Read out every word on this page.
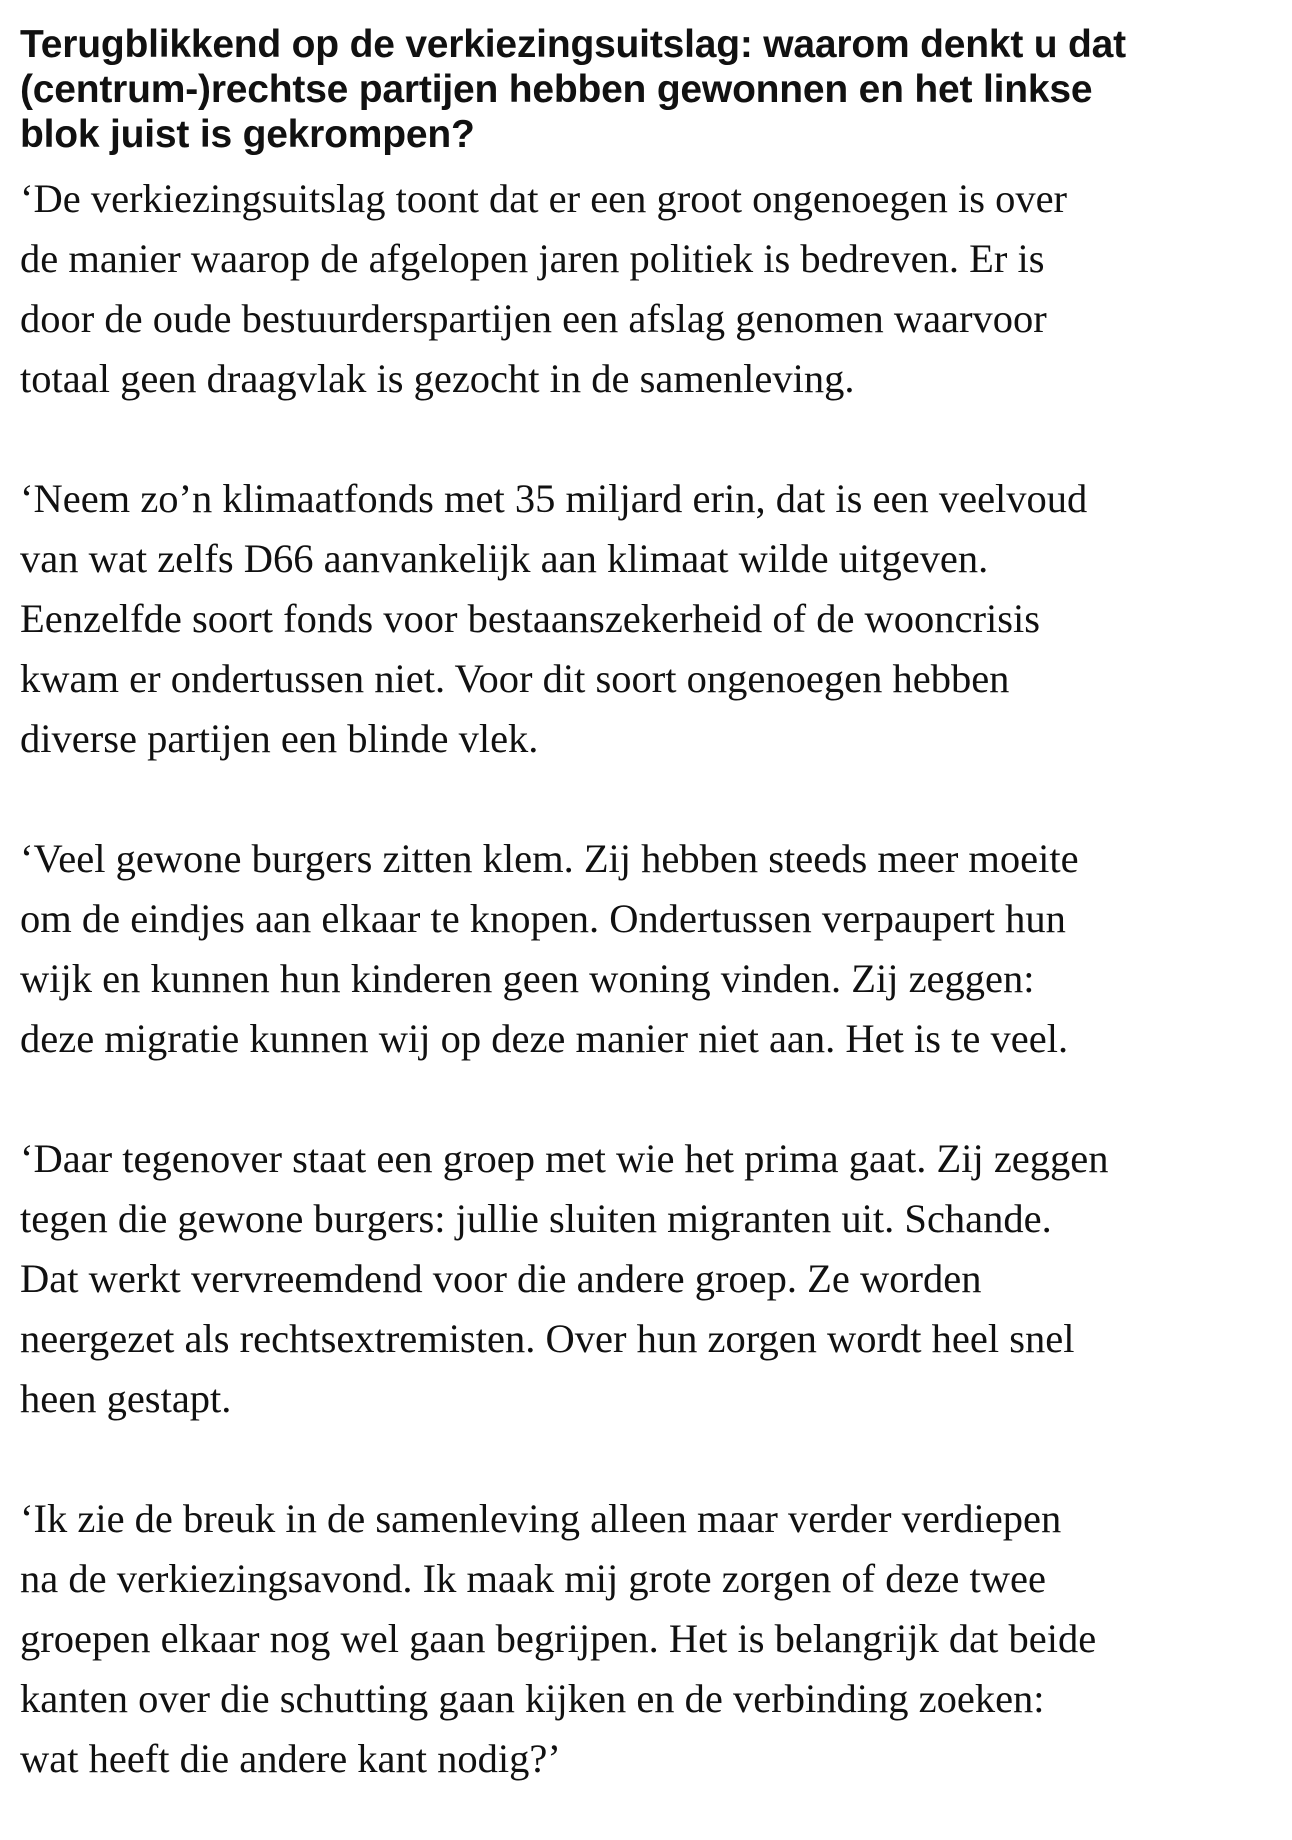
Terugblikkend op de verkiezingsuitslag: waarom denkt u dat
(centrum-)rechtse partijen hebben gewonnen en het linkse
blok juist is gekrompen?

‘De verkiezingsuitslag toont dat er een groot ongenoegen is over
de manier waarop de afgelopen jaren politiek is bedreven. Er is
door de oude bestuurderspartijen een afslag genomen waarvoor
totaal geen draagvlak is gezocht in de samenleving.

‘Neem zo’n klimaatfonds met 35 miljard erin, dat is een veelvoud
van wat zelfs D66 aanvankelijk aan klimaat wilde uitgeven.
Eenzelfde soort fonds voor bestaanszekerheid of de wooncrisis
kwam er ondertussen niet. Voor dit soort ongenoegen hebben
diverse partijen een blinde vlek.

‘Veel gewone burgers zitten klem. Zij hebben steeds meer moeite
om de eindjes aan elkaar te knopen. Ondertussen verpaupert hun
wijk en kunnen hun kinderen geen woning vinden. Zij zeggen:
deze migratie kunnen wij op deze manier niet aan. Het is te veel.

‘Daar tegenover staat een groep met wie het prima gaat. Zij zeggen
tegen die gewone burgers: jullie sluiten migranten uit. Schande.
Dat werkt vervreemdend voor die andere groep. Ze worden
neergezet als rechtsextremisten. Over hun zorgen wordt heel snel
heen gestapt.

‘Ik zie de breuk in de samenleving alleen maar verder verdiepen
na de verkiezingsavond. Ik maak mij grote zorgen of deze twee
groepen elkaar nog wel gaan begrijpen. Het is belangrijk dat beide
kanten over die schutting gaan kijken en de verbinding zoeken:
wat heeft die andere kant nodig?’
